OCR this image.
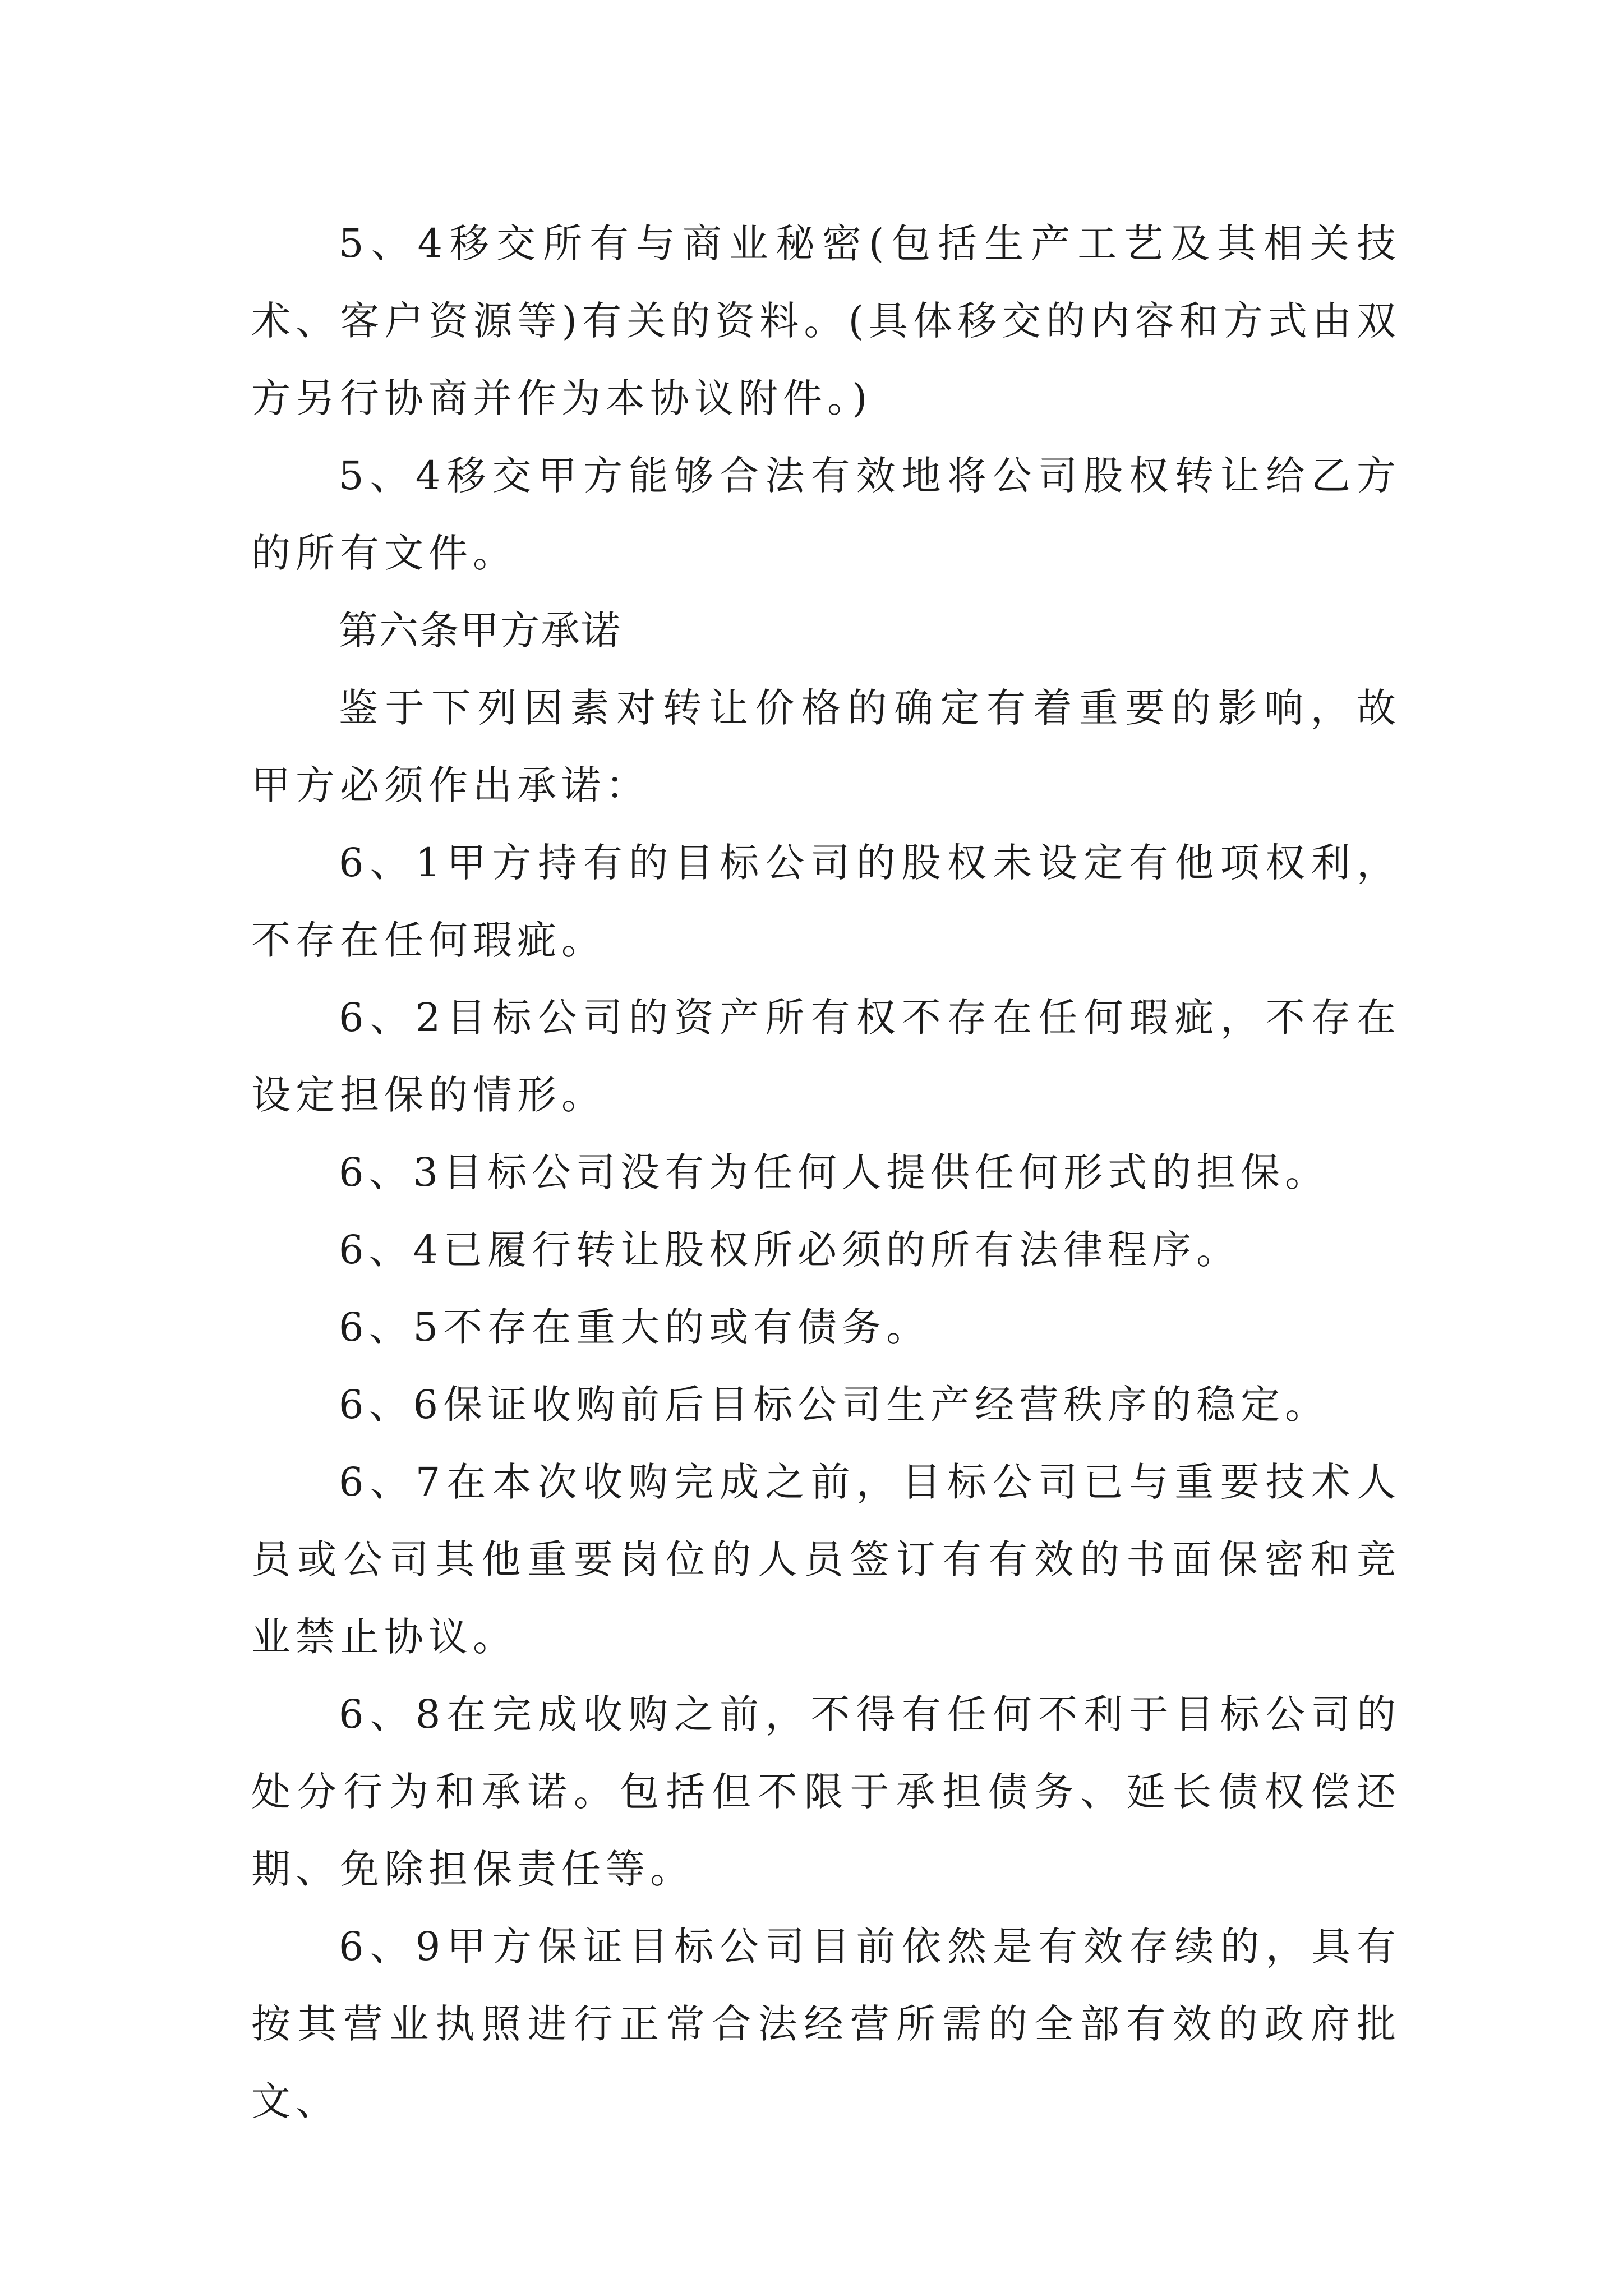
5、4移交所有与商业秘密(包括生产工艺及其相关技术、客户资源等)有关的资料。(具体移交的内容和方式由双方另行协商并作为本协议附件。)

5、4移交甲方能够合法有效地将公司股权转让给乙方的所有文件。

第六条甲方承诺

鉴于下列因素对转让价格的确定有着重要的影响，故甲方必须作出承诺：

6、1甲方持有的目标公司的股权未设定有他项权利，不存在任何瑕疵。

6、2目标公司的资产所有权不存在任何瑕疵，不存在设定担保的情形。

6、3目标公司没有为任何人提供任何形式的担保。

6、4已履行转让股权所必须的所有法律程序。

6、5不存在重大的或有债务。

6、6保证收购前后目标公司生产经营秩序的稳定。

6、7在本次收购完成之前，目标公司已与重要技术人员或公司其他重要岗位的人员签订有有效的书面保密和竞业禁止协议。

6、8在完成收购之前，不得有任何不利于目标公司的处分行为和承诺。包括但不限于承担债务、延长债权偿还期、免除担保责任等。

6、9甲方保证目标公司目前依然是有效存续的，具有按其营业执照进行正常合法经营所需的全部有效的政府批文、
